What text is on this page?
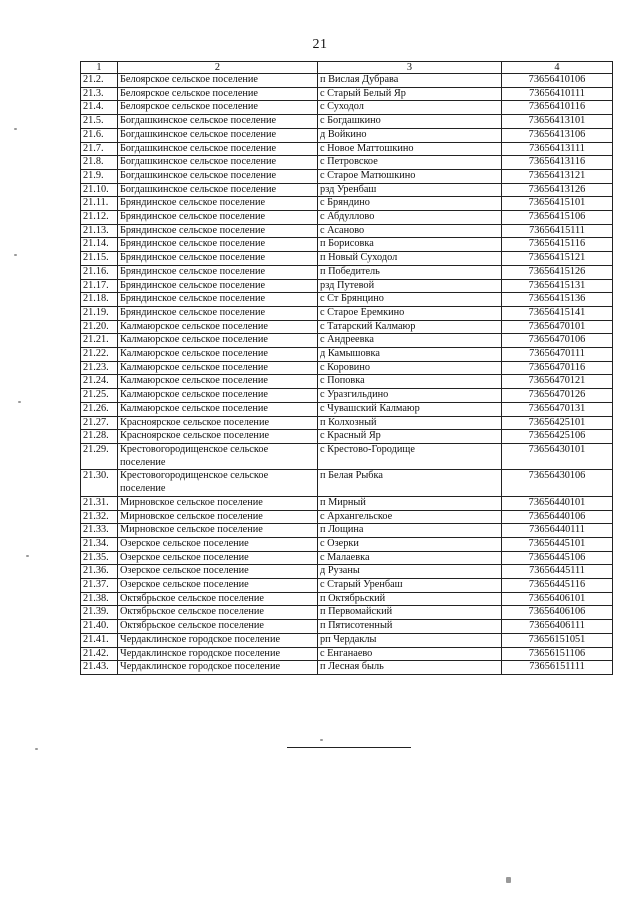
21
1	2	3	4
21.2.	Белоярское сельское поселение	п Вислая Дубрава	73656410106
21.3.	Белоярское сельское поселение	с Старый Белый Яр	73656410111
21.4.	Белоярское сельское поселение	с Суходол	73656410116
21.5.	Богдашкинское сельское поселение	с Богдашкино	73656413101
21.6.	Богдашкинское сельское поселение	д Войкино	73656413106
21.7.	Богдашкинское сельское поселение	с Новое Маттошкино	73656413111
21.8.	Богдашкинское сельское поселение	с Петровское	73656413116
21.9.	Богдашкинское сельское поселение	с Старое Матюшкино	73656413121
21.10.	Богдашкинское сельское поселение	рзд Уренбаш	73656413126
21.11.	Бряндинское сельское поселение	с Бряндино	73656415101
21.12.	Бряндинское сельское поселение	с Абдуллово	73656415106
21.13.	Бряндинское сельское поселение	с Асаново	73656415111
21.14.	Бряндинское сельское поселение	п Борисовка	73656415116
21.15.	Бряндинское сельское поселение	п Новый Суходол	73656415121
21.16.	Бряндинское сельское поселение	п Победитель	73656415126
21.17.	Бряндинское сельское поселение	рзд Путевой	73656415131
21.18.	Бряндинское сельское поселение	с Ст Брянцино	73656415136
21.19.	Бряндинское сельское поселение	с Старое Еремкино	73656415141
21.20.	Калмаюрское сельское поселение	с Татарский Калмаюр	73656470101
21.21.	Калмаюрское сельское поселение	с Андреевка	73656470106
21.22.	Калмаюрское сельское поселение	д Камышовка	73656470111
21.23.	Калмаюрское сельское поселение	с Коровино	73656470116
21.24.	Калмаюрское сельское поселение	с Поповка	73656470121
21.25.	Калмаюрское сельское поселение	с Уразгильдино	73656470126
21.26.	Калмаюрское сельское поселение	с Чувашский Калмаюр	73656470131
21.27.	Красноярское сельское поселение	п Колхозный	73656425101
21.28.	Красноярское сельское поселение	с Красный Яр	73656425106
21.29.	Крестовогородищенское сельское поселение	с Крестово-Городище	73656430101
21.30.	Крестовогородищенское сельское поселение	п Белая Рыбка	73656430106
21.31.	Мирновское сельское поселение	п Мирный	73656440101
21.32.	Мирновское сельское поселение	с Архангельское	73656440106
21.33.	Мирновское сельское поселение	п Лощина	73656440111
21.34.	Озерское сельское поселение	с Озерки	73656445101
21.35.	Озерское сельское поселение	с Малаевка	73656445106
21.36.	Озерское сельское поселение	д Рузаны	73656445111
21.37.	Озерское сельское поселение	с Старый Уренбаш	73656445116
21.38.	Октябрьское сельское поселение	п Октябрьский	73656406101
21.39.	Октябрьское сельское поселение	п Первомайский	73656406106
21.40.	Октябрьское сельское поселение	п Пятисотенный	73656406111
21.41.	Чердаклинское городское поселение	рп Чердаклы	73656151051
21.42.	Чердаклинское городское поселение	с Енганаево	73656151106
21.43.	Чердаклинское городское поселение	п Лесная быль	73656151111
